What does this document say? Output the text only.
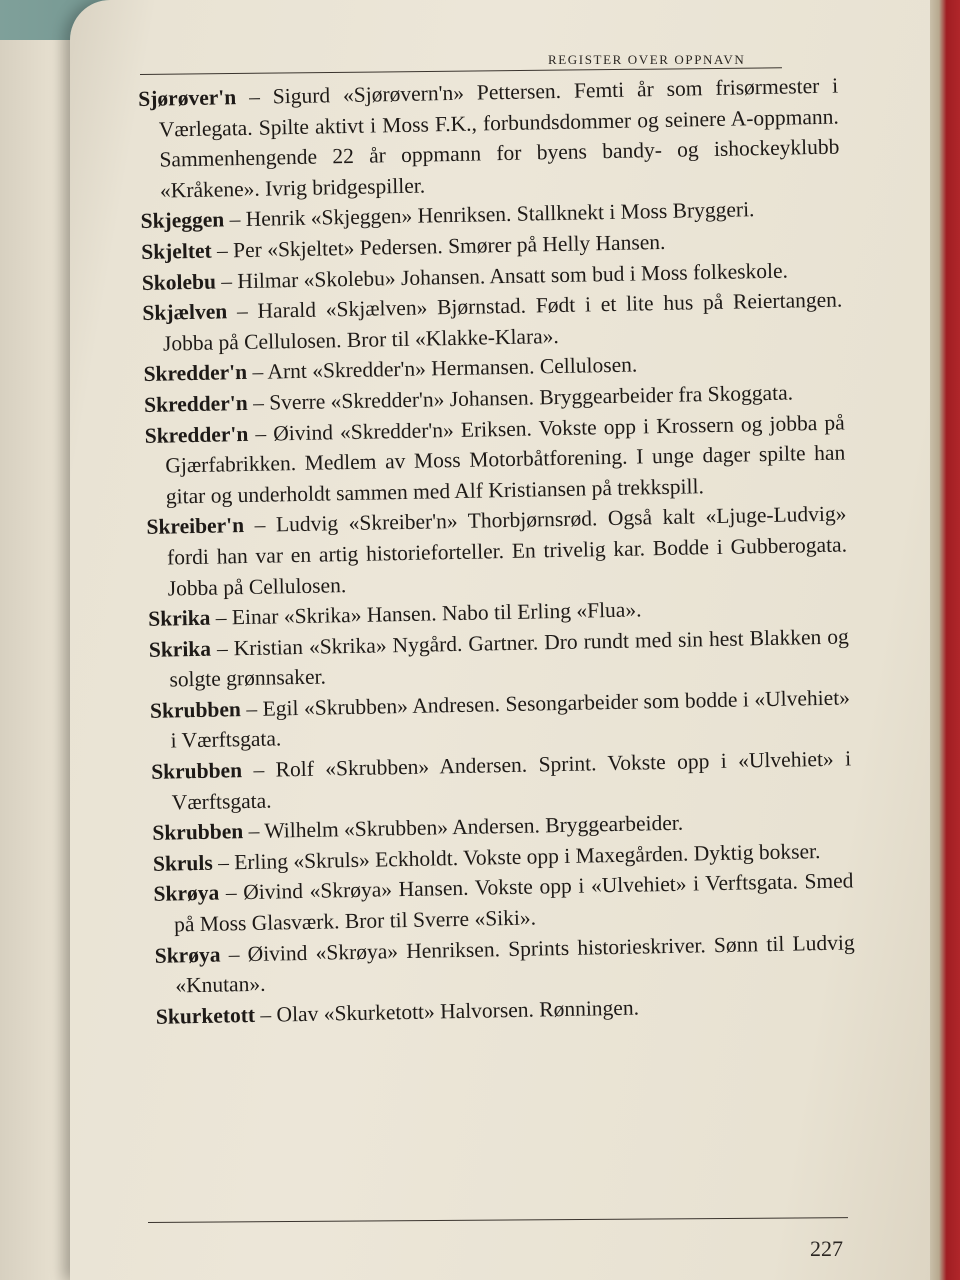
REGISTER OVER OPPNAVN

Sjørøver'n – Sigurd «Sjørøvern'n» Pettersen. Femti år som frisørmester i Værlegata. Spilte aktivt i Moss F.K., forbundsdommer og seinere A-oppmann. Sammenhengende 22 år oppmann for byens bandy- og ishockeyklubb «Kråkene». Ivrig bridgespiller.

Skjeggen – Henrik «Skjeggen» Henriksen. Stallknekt i Moss Bryggeri.

Skjeltet – Per «Skjeltet» Pedersen. Smører på Helly Hansen.

Skolebu – Hilmar «Skolebu» Johansen. Ansatt som bud i Moss folkeskole.

Skjælven – Harald «Skjælven» Bjørnstad. Født i et lite hus på Reiertangen. Jobba på Cellulosen. Bror til «Klakke-Klara».

Skredder'n – Arnt «Skredder'n» Hermansen. Cellulosen.

Skredder'n – Sverre «Skredder'n» Johansen. Bryggearbeider fra Skoggata.

Skredder'n – Øivind «Skredder'n» Eriksen. Vokste opp i Krossern og jobba på Gjærfabrikken. Medlem av Moss Motorbåtforening. I unge dager spilte han gitar og underholdt sammen med Alf Kristiansen på trekkspill.

Skreiber'n – Ludvig «Skreiber'n» Thorbjørnsrød. Også kalt «Ljuge-Ludvig» fordi han var en artig historieforteller. En trivelig kar. Bodde i Gubberogata. Jobba på Cellulosen.

Skrika – Einar «Skrika» Hansen. Nabo til Erling «Flua».

Skrika – Kristian «Skrika» Nygård. Gartner. Dro rundt med sin hest Blakken og solgte grønnsaker.

Skrubben – Egil «Skrubben» Andresen. Sesongarbeider som bodde i «Ulvehiet» i Værftsgata.

Skrubben – Rolf «Skrubben» Andersen. Sprint. Vokste opp i «Ulvehiet» i Værftsgata.

Skrubben – Wilhelm «Skrubben» Andersen. Bryggearbeider.

Skruls – Erling «Skruls» Eckholdt. Vokste opp i Maxegården. Dyktig bokser.

Skrøya – Øivind «Skrøya» Hansen. Vokste opp i «Ulvehiet» i Verftsgata. Smed på Moss Glasværk. Bror til Sverre «Siki».

Skrøya – Øivind «Skrøya» Henriksen. Sprints historieskriver. Sønn til Ludvig «Knutan».

Skurketott – Olav «Skurketott» Halvorsen. Rønningen.

227
